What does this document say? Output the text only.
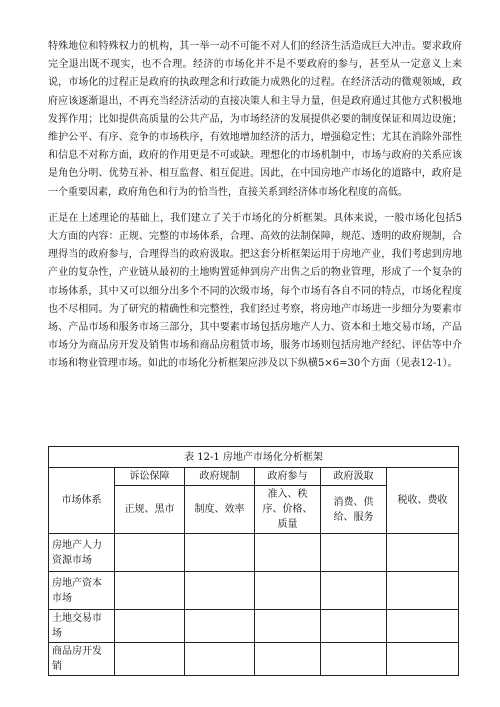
特殊地位和特殊权力的机构，其一举一动不可能不对人们的经济生活造成巨大冲击。要求政府完全退出既不现实，也不合理。经济的市场化并不是不要政府的参与，甚至从一定意义上来说，市场化的过程正是政府的执政理念和行政能力成熟化的过程。在经济活动的微观领域，政府应该逐渐退出，不再充当经济活动的直接决策人和主导力量，但是政府通过其他方式积极地发挥作用；比如提供高质量的公共产品，为市场经济的发展提供必要的制度保证和周边设施；维护公平、有序、竞争的市场秩序，有效地增加经济的活力，增强稳定性；尤其在消除外部性和信息不对称方面，政府的作用更是不可或缺。理想化的市场机制中，市场与政府的关系应该是角色分明、优势互补、相互监督、相互促进。因此，在中国房地产市场化的道路中，政府是一个重要因素，政府角色和行为的恰当性，直接关系到经济体市场化程度的高低。

正是在上述理论的基础上，我们建立了关于市场化的分析框架。具体来说，一般市场化包括5大方面的内容：正规、完整的市场体系，合理、高效的法制保障，规范、透明的政府规制，合理得当的政府参与，合理得当的政府汲取。把这套分析框架运用于房地产业，我们考虑到房地产业的复杂性，产业链从最初的土地购置延伸到房产出售之后的物业管理，形成了一个复杂的市场体系，其中又可以细分出多个不同的次级市场，每个市场有各自不同的特点，市场化程度也不尽相同。为了研究的精确性和完整性，我们经过考察，将房地产市场进一步细分为要素市场、产品市场和服务市场三部分，其中要素市场包括房地产人力、资本和土地交易市场，产品市场分为商品房开发及销售市场和商品房租赁市场，服务市场则包括房地产经纪、评估等中介市场和物业管理市场。如此的市场化分析框架应涉及以下纵横5×6=30个方面（见表12-1）。

表 12-1 房地产市场化分析框架					
市场体系	诉讼保障	政府规制	政府参与	政府汲取	税收、费收
	正规、黑市	制度、效率	准入、秩序、价格、质量	消费、供给、服务	
房地产人力资源市场					
房地产资本市场					
土地交易市场					
商品房开发销					
